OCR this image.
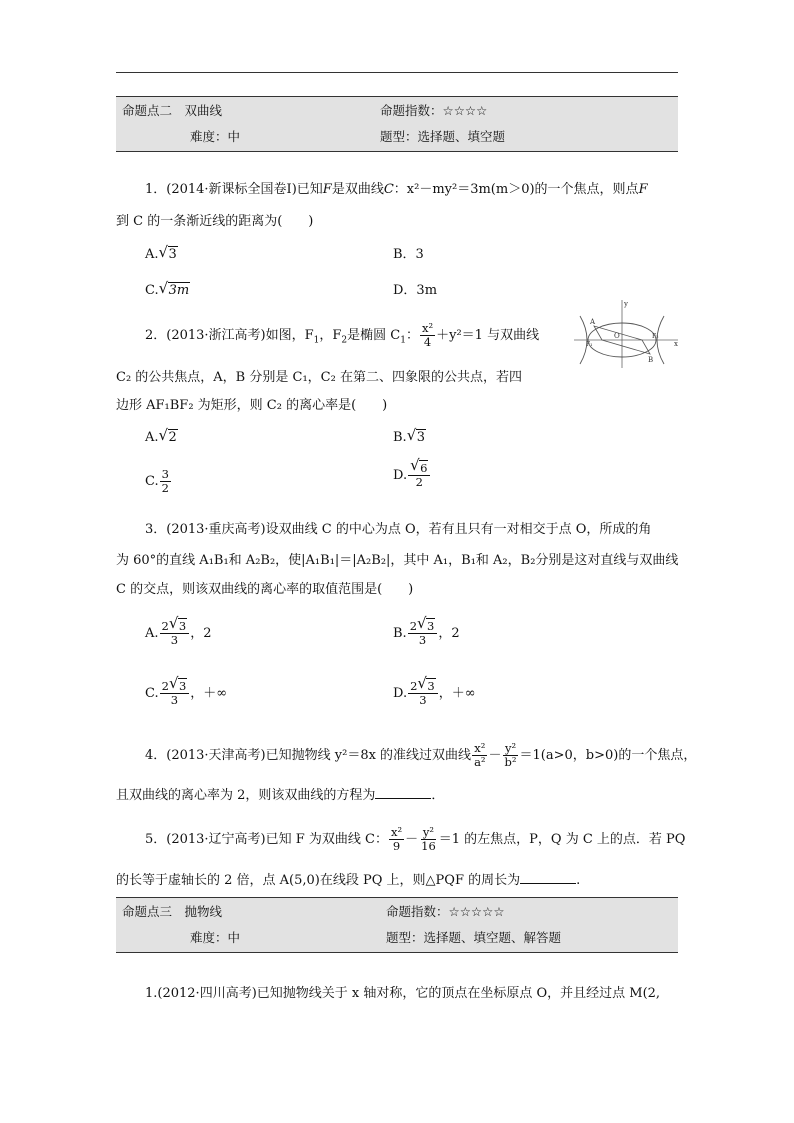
命题点二　双曲线	命题指数：☆☆☆☆
难度：中	题型：选择题、填空题
1．(2014·新课标全国卷Ⅰ)已知F是双曲线C：x²－my²＝3m(m＞0)的一个焦点，则点F
到 C 的一条渐近线的距离为(　　)
A. √ 3	B．3
C. √ 3m	D．3m
2．(2013·浙江高考)如图，$F_1$，$F_2$是椭圆 $C_1$： $\frac{\text{x²}}{4} +y^2=1$ 与双曲线
C₂ 的公共焦点，A，B 分别是 C₁，C₂ 在第二、四象限的公共点，若四
边形 AF₁BF₂ 为矩形，则 C₂ 的离心率是(　　)
y
x
A
B
O
F₁
F₂
A. √ 2	B. √ 3
C. $\frac{3}{2}$	D. $\frac{√ 6}{2}$
3．(2013·重庆高考)设双曲线 C 的中心为点 O，若有且只有一对相交于点 O，所成的角
为 60°的直线 A₁B₁和 A₂B₂，使|A₁B₁|＝|A₂B₂|，其中 A₁，B₁和 A₂，B₂分别是这对直线与双曲线
C 的交点，则该双曲线的离心率的取值范围是(　　)
A. $\frac{2 √ 3}{3}$ ，2	B. $\frac{2 √ 3}{3}$ ，2
C. $\frac{2 √ 3}{3}$ ，＋∞	D. $\frac{2 √ 3}{3}$ ，＋∞
4．(2013·天津高考)已知抛物线 y²＝8x 的准线过双曲线 $\frac{\text{x²}}{\text{a²}} - \frac{\text{y²}}{\text{b²}} =1(a>0$，b>0)的一个焦点，
且双曲线的离心率为 2，则该双曲线的方程为	．
5．(2013·辽宁高考)已知 F 为双曲线 C： $\frac{\text{x²}}{9} - \frac{\text{y²}}{16} =1$ 的左焦点，P，Q 为 C 上的点．若 PQ
的长等于虚轴长的 2 倍，点 A(5,0)在线段 PQ 上，则△PQF 的周长为	.
命题点三　抛物线	命题指数：☆☆☆☆☆
难度：中	题型：选择题、填空题、解答题
1.(2012·四川高考)已知抛物线关于 x 轴对称，它的顶点在坐标原点 O，并且经过点 M(2,
